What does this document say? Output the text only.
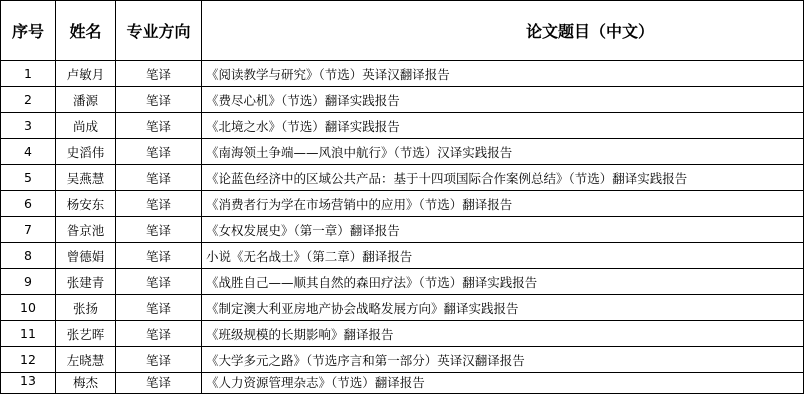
序号	姓名	专业方向	论文题目（中文）
1	卢敏月	笔译	《阅读教学与研究》（节选）英译汉翻译报告
2	潘源	笔译	《费尽心机》（节选）翻译实践报告
3	尚成	笔译	《北境之水》（节选）翻译实践报告
4	史滔伟	笔译	《南海领土争端——风浪中航行》（节选）汉译实践报告
5	吴燕慧	笔译	《论蓝色经济中的区域公共产品：基于十四项国际合作案例总结》（节选）翻译实践报告
6	杨安东	笔译	《消费者行为学在市场营销中的应用》（节选）翻译报告
7	昝京池	笔译	《女权发展史》（第一章）翻译报告
8	曾德娟	笔译	小说《无名战士》（第二章）翻译报告
9	张建青	笔译	《战胜自己——顺其自然的森田疗法》（节选）翻译实践报告
10	张扬	笔译	《制定澳大利亚房地产协会战略发展方向》翻译实践报告
11	张艺晖	笔译	《班级规模的长期影响》翻译报告
12	左晓慧	笔译	《大学多元之路》（节选序言和第一部分）英译汉翻译报告
13	梅杰	笔译	《人力资源管理杂志》（节选）翻译报告
